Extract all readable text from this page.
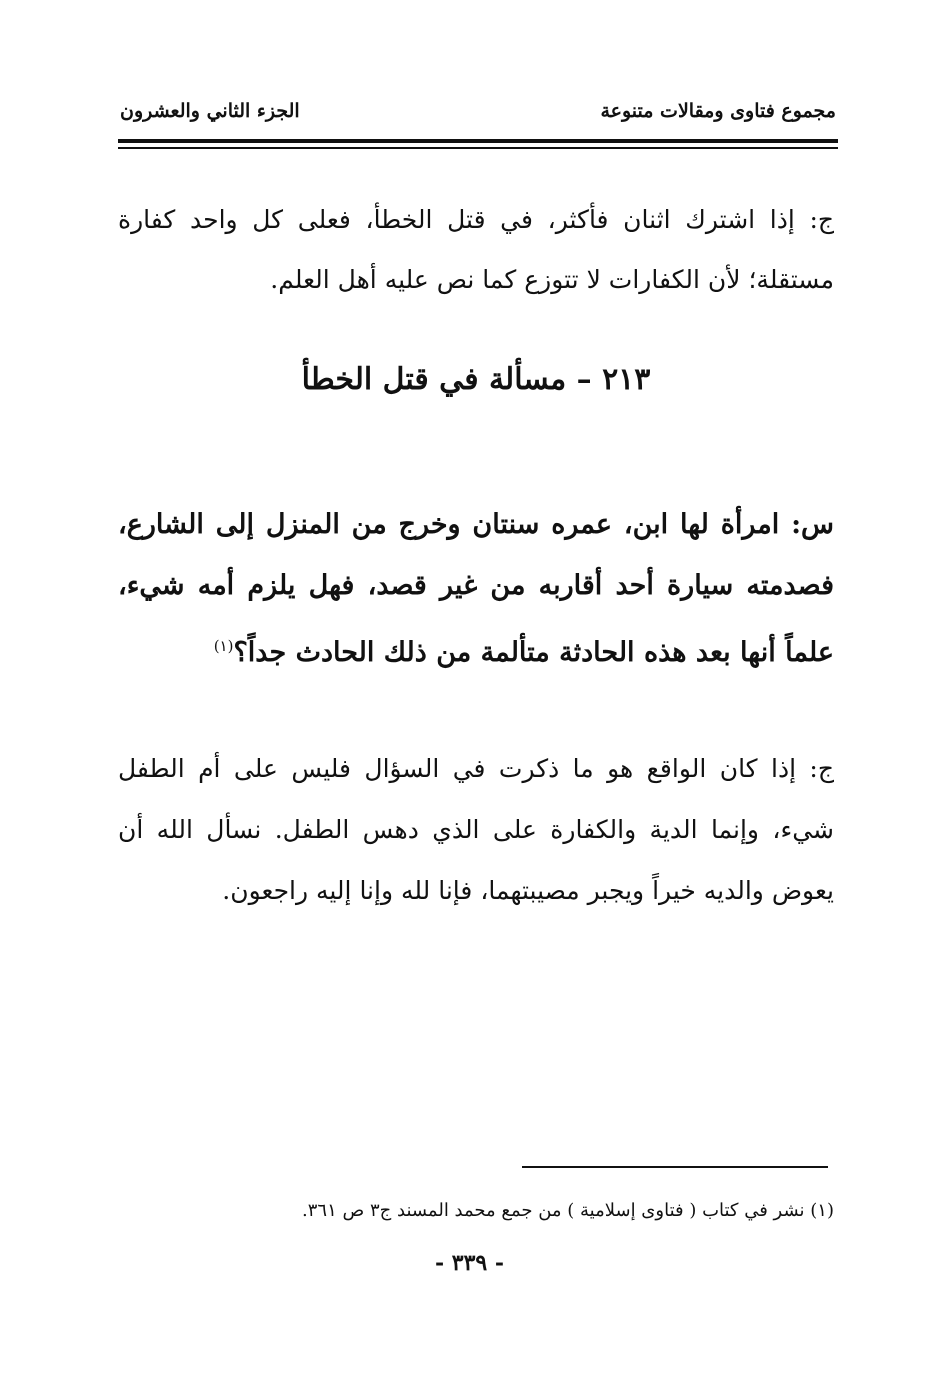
مجموع فتاوى ومقالات متنوعة
الجزء الثاني والعشرون

ج: إذا اشترك اثنان فأكثر، في قتل الخطأ، فعلى كل واحد كفارة مستقلة؛ لأن الكفارات لا تتوزع كما نص عليه أهل العلم.

٢١٣ – مسألة في قتل الخطأ

س: امرأة لها ابن، عمره سنتان وخرج من المنزل إلى الشارع، فصدمته سيارة أحد أقاربه من غير قصد، فهل يلزم أمه شيء، علماً أنها بعد هذه الحادثة متألمة من ذلك الحادث جداً؟$^{(١)}$

ج: إذا كان الواقع هو ما ذكرت في السؤال فليس على أم الطفل شيء، وإنما الدية والكفارة على الذي دهس الطفل. نسأل الله أن يعوض والديه خيراً ويجبر مصيبتهما، فإنا لله وإنا إليه راجعون.

(١) نشر في كتاب ( فتاوى إسلامية ) من جمع محمد المسند ج٣ ص ٣٦١.

- ٣٣٩ -
